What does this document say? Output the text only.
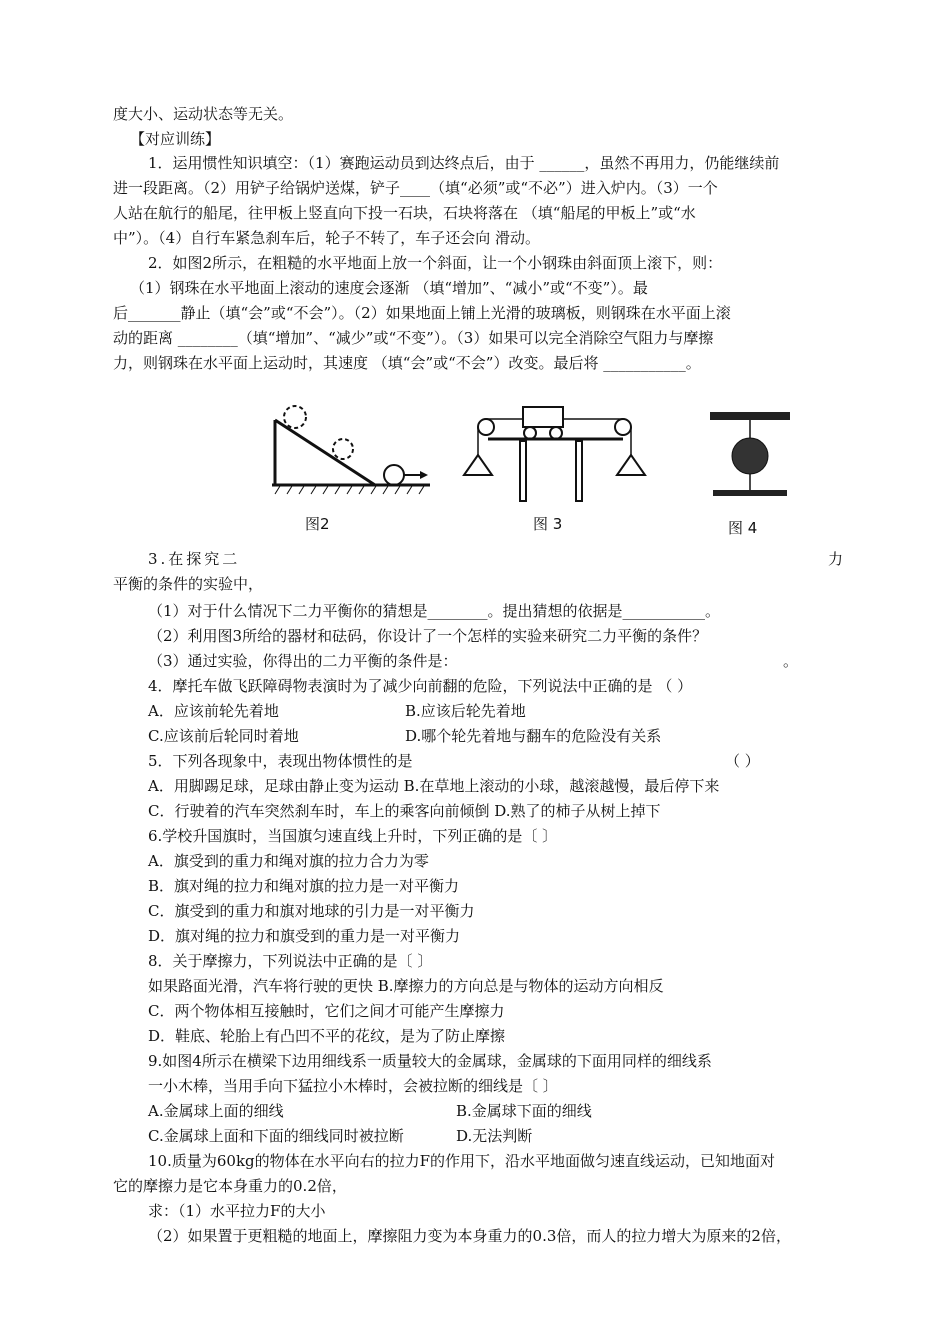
度大小、运动状态等无关。
【对应训练】
1．运用惯性知识填空：（1）赛跑运动员到达终点后，由于 ______，虽然不再用力，仍能继续前
进一段距离。（2）用铲子给锅炉送煤，铲子____（填“必须”或“不必”）进入炉内。（3）一个
人站在航行的船尾，往甲板上竖直向下投一石块，石块将落在 （填“船尾的甲板上”或“水
中”）。（4）自行车紧急刹车后，轮子不转了，车子还会向 滑动。
2．如图2所示，在粗糙的水平地面上放一个斜面，让一个小钢珠由斜面顶上滚下，则：
（1）钢珠在水平地面上滚动的速度会逐渐 （填“增加”、“减小”或“不变”）。最
后_______静止（填“会”或“不会”）。（2）如果地面上铺上光滑的玻璃板，则钢珠在水平面上滚
动的距离 ________（填“增加”、“减少”或“不变”）。（3）如果可以完全消除空气阻力与摩擦
力，则钢珠在水平面上运动时，其速度 （填“会”或“不会”）改变。最后将 ___________。
图2	图 3	图 4
3.在探究二	力
平衡的条件的实验中，
（1）对于什么情况下二力平衡你的猜想是________。提出猜想的依据是___________。
（2）利用图3所给的器材和砝码，你设计了一个怎样的实验来研究二力平衡的条件？
（3）通过实验，你得出的二力平衡的条件是：	。
4．摩托车做飞跃障碍物表演时为了减少向前翻的危险，下列说法中正确的是 （ ）
A．应该前轮先着地	B.应该后轮先着地
C.应该前后轮同时着地	D.哪个轮先着地与翻车的危险没有关系
5．下列各现象中，表现出物体惯性的是	（ ）
A．用脚踢足球，足球由静止变为运动 B.在草地上滚动的小球，越滚越慢，最后停下来
C．行驶着的汽车突然刹车时，车上的乘客向前倾倒 D.熟了的柿子从树上掉下
6.学校升国旗时，当国旗匀速直线上升时，下列正确的是〔 〕
A．旗受到的重力和绳对旗的拉力合力为零
B．旗对绳的拉力和绳对旗的拉力是一对平衡力
C．旗受到的重力和旗对地球的引力是一对平衡力
D．旗对绳的拉力和旗受到的重力是一对平衡力
8．关于摩擦力，下列说法中正确的是〔 〕
如果路面光滑，汽车将行驶的更快 B.摩擦力的方向总是与物体的运动方向相反
C．两个物体相互接触时，它们之间才可能产生摩擦力
D．鞋底、轮胎上有凸凹不平的花纹，是为了防止摩擦
9.如图4所示在横梁下边用细线系一质量较大的金属球，金属球的下面用同样的细线系
一小木棒，当用手向下猛拉小木棒时，会被拉断的细线是〔 〕
A.金属球上面的细线	B.金属球下面的细线
C.金属球上面和下面的细线同时被拉断	D.无法判断
10.质量为60kg的物体在水平向右的拉力F的作用下，沿水平地面做匀速直线运动，已知地面对
它的摩擦力是它本身重力的0.2倍，
求：（1）水平拉力F的大小
（2）如果置于更粗糙的地面上，摩擦阻力变为本身重力的0.3倍，而人的拉力增大为原来的2倍，
